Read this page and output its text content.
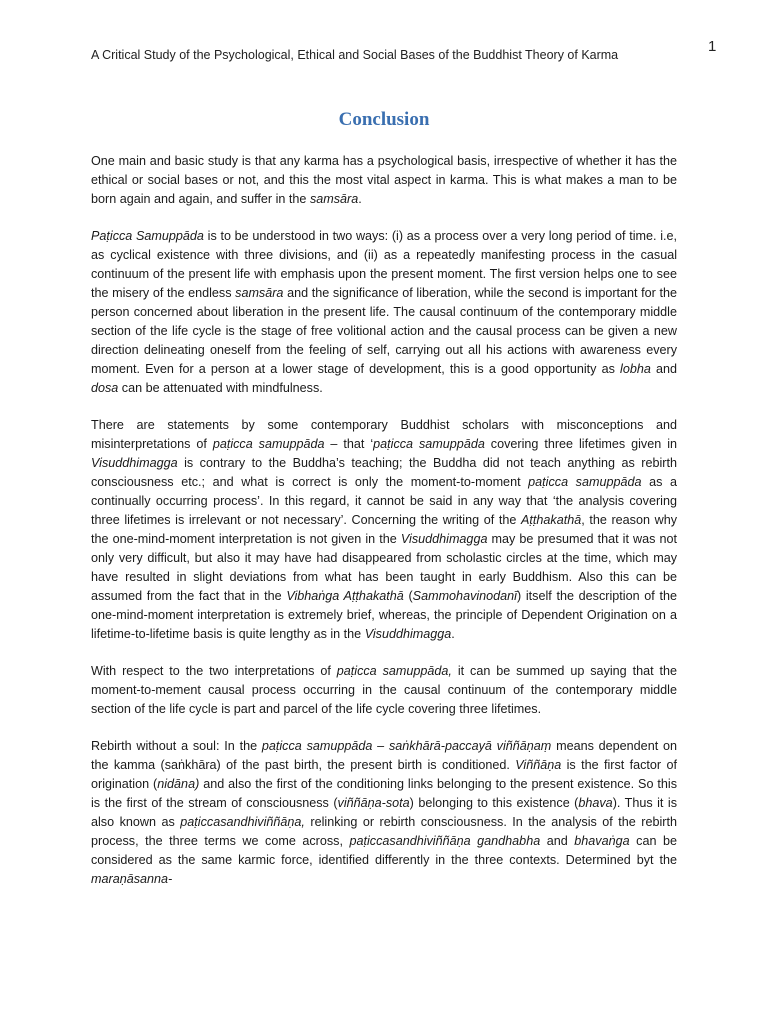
A Critical Study of the Psychological, Ethical and Social Bases of the Buddhist Theory of Karma	1
Conclusion

One main and basic study is that any karma has a psychological basis, irrespective of whether it has the ethical or social bases or not, and this the most vital aspect in karma. This is what makes a man to be born again and again, and suffer in the samsāra.

Paṭicca Samuppāda is to be understood in two ways: (i) as a process over a very long period of time. i.e, as cyclical existence with three divisions, and (ii) as a repeatedly manifesting process in the casual continuum of the present life with emphasis upon the present moment. The first version helps one to see the misery of the endless samsāra and the significance of liberation, while the second is important for the person concerned about liberation in the present life. The causal continuum of the contemporary middle section of the life cycle is the stage of free volitional action and the causal process can be given a new direction delineating oneself from the feeling of self, carrying out all his actions with awareness every moment. Even for a person at a lower stage of development, this is a good opportunity as lobha and dosa can be attenuated with mindfulness.

There are statements by some contemporary Buddhist scholars with misconceptions and misinterpretations of paṭicca samuppāda – that ‘paṭicca samuppāda covering three lifetimes given in Visuddhimagga is contrary to the Buddha’s teaching; the Buddha did not teach anything as rebirth consciousness etc.; and what is correct is only the moment-to-moment paṭicca samuppāda as a continually occurring process’. In this regard, it cannot be said in any way that ‘the analysis covering three lifetimes is irrelevant or not necessary’. Concerning the writing of the Aṭṭhakathā, the reason why the one-mind-moment interpretation is not given in the Visuddhimagga may be presumed that it was not only very difficult, but also it may have had disappeared from scholastic circles at the time, which may have resulted in slight deviations from what has been taught in early Buddhism. Also this can be assumed from the fact that in the Vibhaṅga Aṭṭhakathā (Sammohavinodanī) itself the description of the one-mind-moment interpretation is extremely brief, whereas, the principle of Dependent Origination on a lifetime-to-lifetime basis is quite lengthy as in the Visuddhimagga.

With respect to the two interpretations of paṭicca samuppāda, it can be summed up saying that the moment-to-mement causal process occurring in the causal continuum of the contemporary middle section of the life cycle is part and parcel of the life cycle covering three lifetimes.

Rebirth without a soul: In the paṭicca samuppāda – saṅkhārā-paccayā viññāṇaṃ means dependent on the kamma (saṅkhāra) of the past birth, the present birth is conditioned. Viññāṇa is the first factor of origination (nidāna) and also the first of the conditioning links belonging to the present existence. So this is the first of the stream of consciousness (viññāṇa-sota) belonging to this existence (bhava). Thus it is also known as paṭiccasandhiviññāṇa, relinking or rebirth consciousness. In the analysis of the rebirth process, the three terms we come across, paṭiccasandhiviññāṇa gandhabha and bhavaṅga can be considered as the same karmic force, identified differently in the three contexts. Determined byt the maraṇāsanna-
